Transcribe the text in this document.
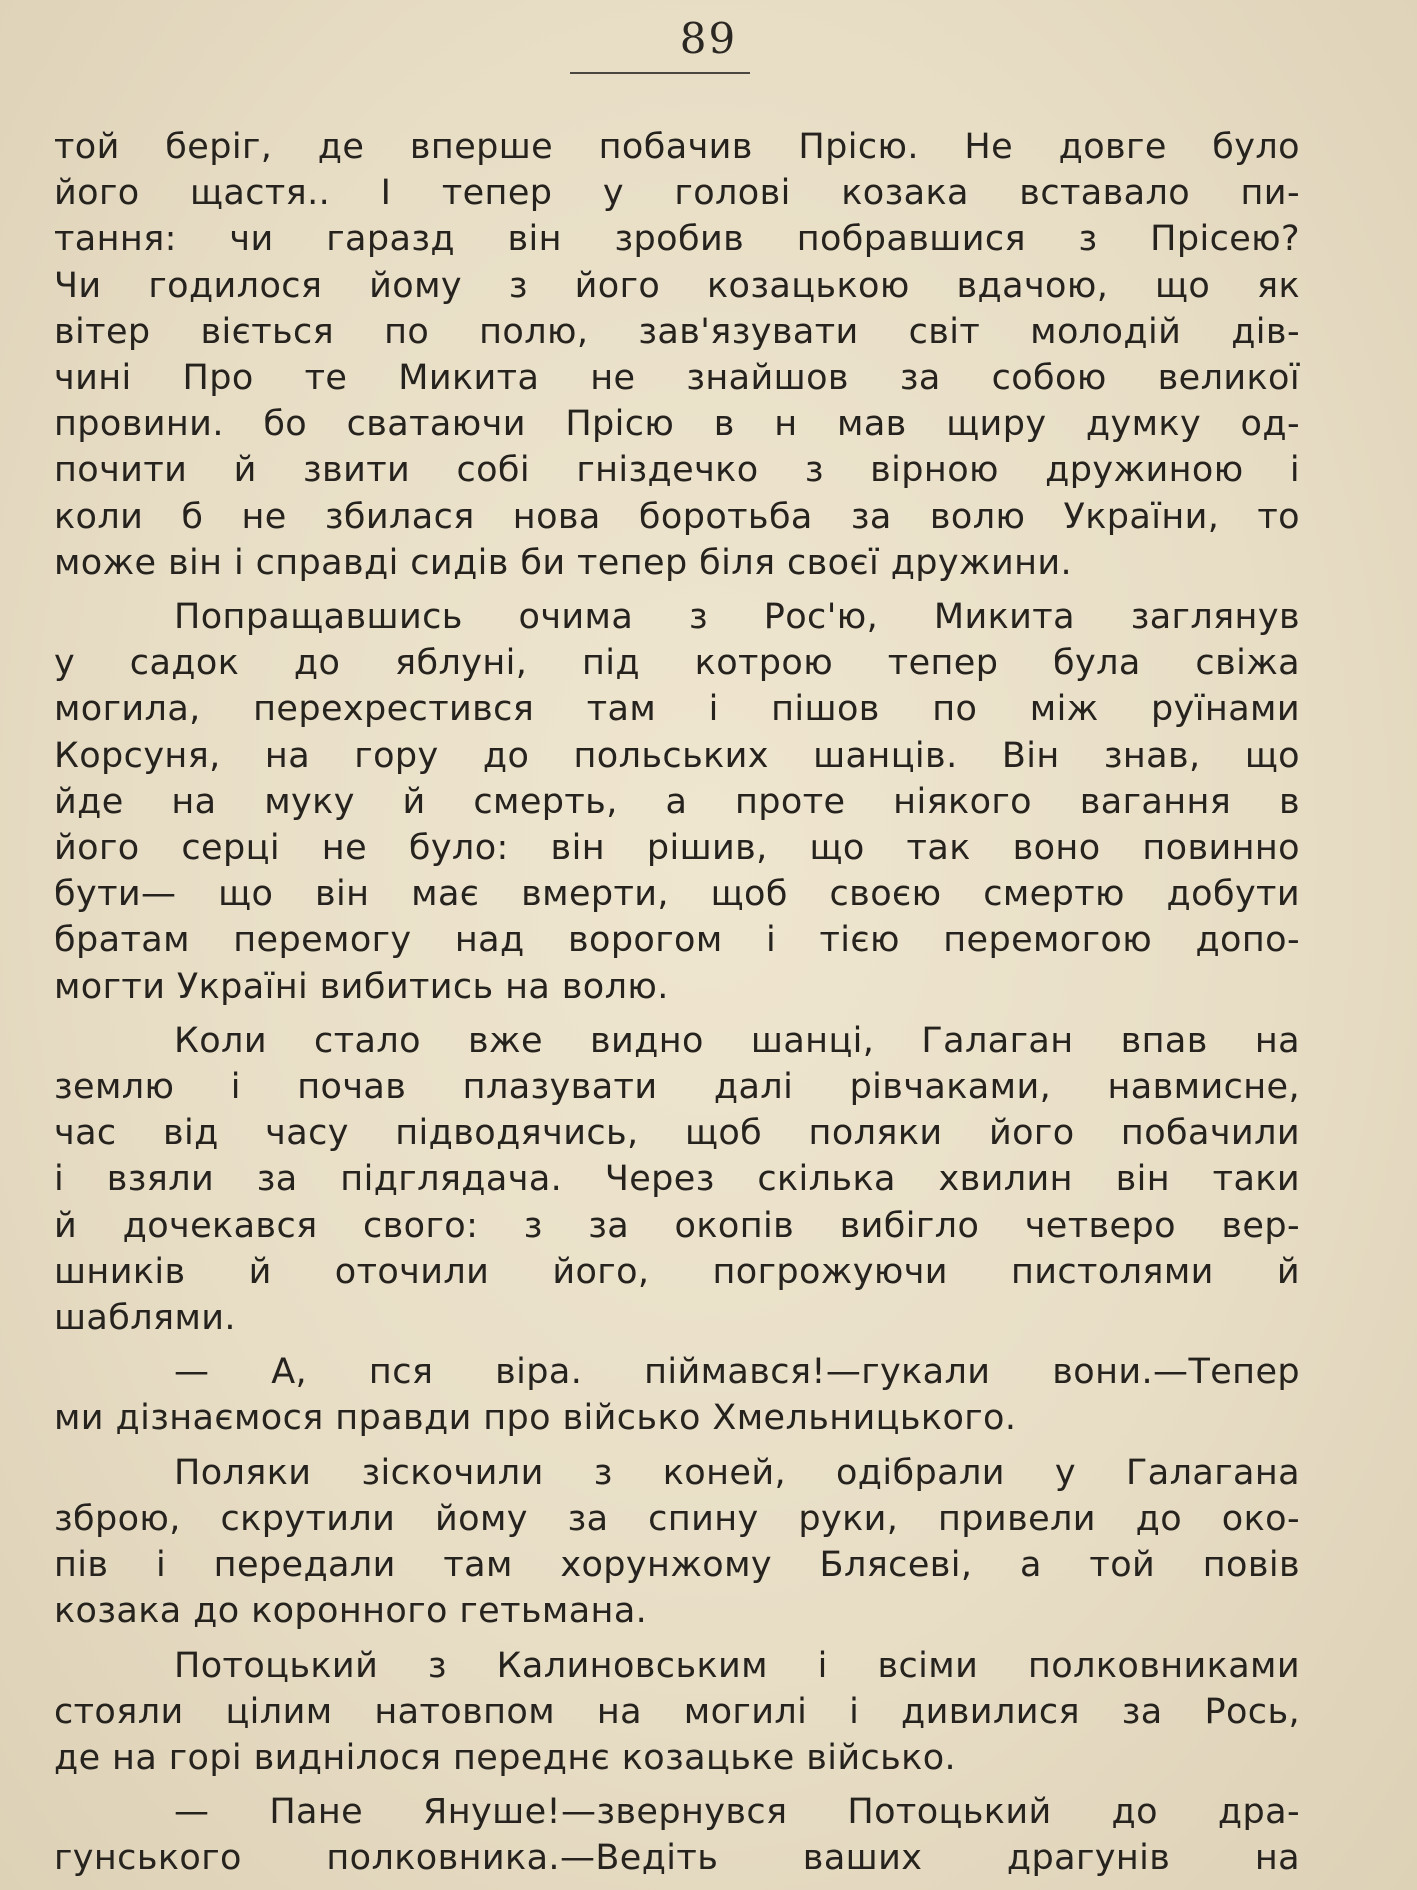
89
той беріг, де вперше побачив Прісю. Не довге було
його щастя.. І тепер у голові козака вставало пи-
тання: чи гаразд він зробив побравшися з Прісею?
Чи годилося йому з його козацькою вдачою, що як
вітер віється по полю, зав'язувати світ молодій дів-
чині Про те Микита не знайшов за собою великої
провини. бо сватаючи Прісю в н мав щиру думку од-
почити й звити собі гніздечко з вірною дружиною і
коли б не збилася нова боротьба за волю України, то
може він і справді сидів би тепер біля своєї дружини.
Попращавшись очима з Рос'ю, Микита заглянув
у садок до яблуні, під котрою тепер була свіжа
могила, перехрестився там і пішов по між руїнами
Корсуня, на гору до польських шанців. Він знав, що
йде на муку й смерть, а проте ніякого вагання в
його серці не було: він рішив, що так воно повинно
бути— що він має вмерти, щоб своєю смертю добути
братам перемогу над ворогом і тією перемогою допо-
могти Україні вибитись на волю.
Коли стало вже видно шанці, Галаган впав на
землю і почав плазувати далі рівчаками, навмисне,
час від часу підводячись, щоб поляки його побачили
і взяли за підглядача. Через скілька хвилин він таки
й дочекався свого: з за окопів вибігло четверо вер-
шників й оточили його, погрожуючи пистолями й
шаблями.
— А, пся віра. піймався!—гукали вони.—Тепер
ми дізнаємося правди про військо Хмельницького.
Поляки зіскочили з коней, одібрали у Галагана
зброю, скрутили йому за спину руки, привели до око-
пів і передали там хорунжому Блясеві, а той повів
козака до коронного гетьмана.
Потоцький з Калиновським і всіми полковниками
стояли цілим натовпом на могилі і дивилися за Рось,
де на горі виднілося переднє козацьке військо.
— Пане Януше!—звернувся Потоцький до дра-
гунського полковника.—Ведіть ваших драгунів на
